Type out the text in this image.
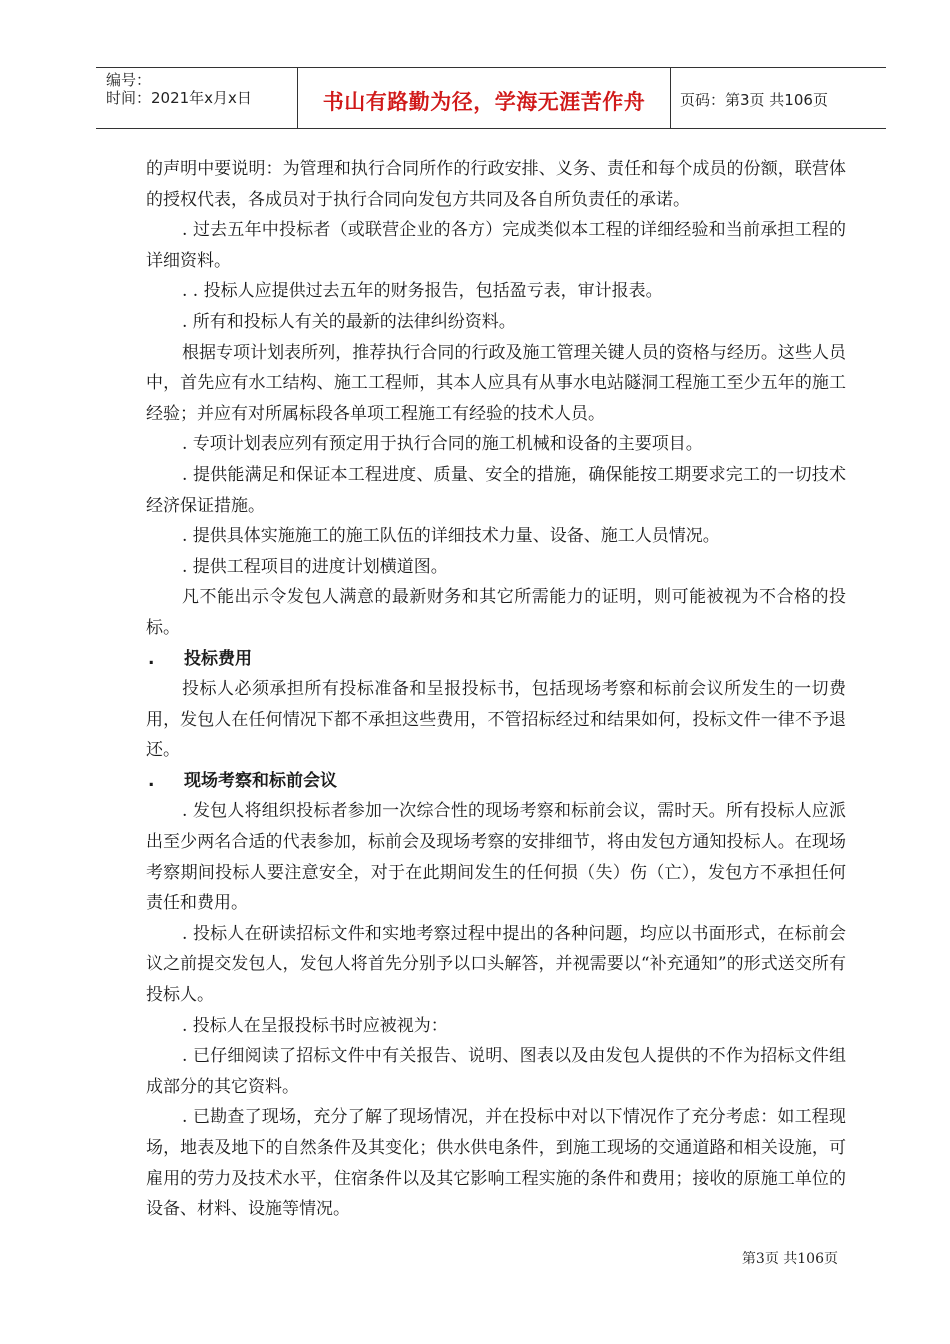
编号：
时间：2021年x月x日	书山有路勤为径，学海无涯苦作舟	页码：第3页 共106页

的声明中要说明：为管理和执行合同所作的行政安排、义务、责任和每个成员的份额，联营体的授权代表，各成员对于执行合同向发包方共同及各自所负责任的承诺。

. 过去五年中投标者（或联营企业的各方）完成类似本工程的详细经验和当前承担工程的详细资料。

. . 投标人应提供过去五年的财务报告，包括盈亏表，审计报表。

. 所有和投标人有关的最新的法律纠纷资料。

根据专项计划表所列，推荐执行合同的行政及施工管理关键人员的资格与经历。这些人员中，首先应有水工结构、施工工程师，其本人应具有从事水电站隧洞工程施工至少五年的施工经验；并应有对所属标段各单项工程施工有经验的技术人员。

. 专项计划表应列有预定用于执行合同的施工机械和设备的主要项目。

. 提供能满足和保证本工程进度、质量、安全的措施，确保能按工期要求完工的一切技术经济保证措施。

. 提供具体实施施工的施工队伍的详细技术力量、设备、施工人员情况。

. 提供工程项目的进度计划横道图。

凡不能出示令发包人满意的最新财务和其它所需能力的证明，则可能被视为不合格的投标。

. 投标费用

投标人必须承担所有投标准备和呈报投标书，包括现场考察和标前会议所发生的一切费用，发包人在任何情况下都不承担这些费用，不管招标经过和结果如何，投标文件一律不予退还。

. 现场考察和标前会议

. 发包人将组织投标者参加一次综合性的现场考察和标前会议，需时天。所有投标人应派出至少两名合适的代表参加，标前会及现场考察的安排细节，将由发包方通知投标人。在现场考察期间投标人要注意安全，对于在此期间发生的任何损（失）伤（亡），发包方不承担任何责任和费用。

. 投标人在研读招标文件和实地考察过程中提出的各种问题，均应以书面形式，在标前会议之前提交发包人，发包人将首先分别予以口头解答，并视需要以“补充通知”的形式送交所有投标人。

. 投标人在呈报投标书时应被视为：

. 已仔细阅读了招标文件中有关报告、说明、图表以及由发包人提供的不作为招标文件组成部分的其它资料。

. 已勘查了现场，充分了解了现场情况，并在投标中对以下情况作了充分考虑：如工程现场，地表及地下的自然条件及其变化；供水供电条件，到施工现场的交通道路和相关设施，可雇用的劳力及技术水平，住宿条件以及其它影响工程实施的条件和费用；接收的原施工单位的设备、材料、设施等情况。

第3页 共106页
